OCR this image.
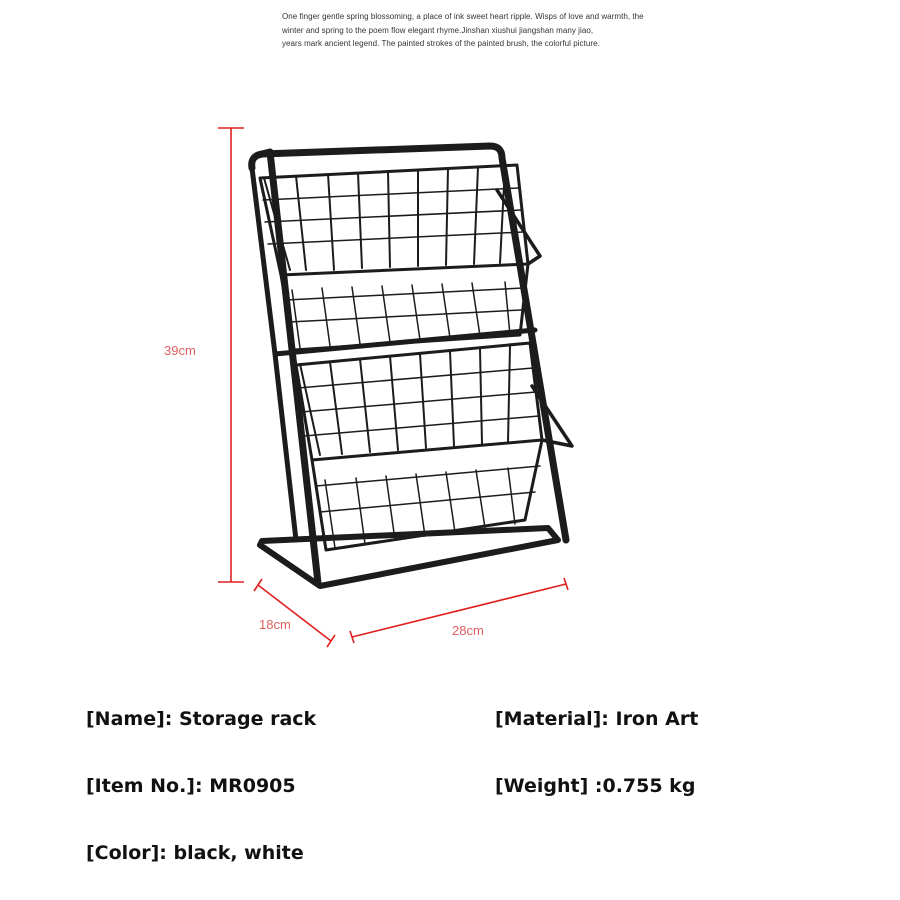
One finger gentle spring blossoming, a place of ink sweet heart ripple. Wisps of love and warmth, the
winter and spring to the poem flow elegant rhyme.Jinshan xiushui jiangshan many jiao,
years mark ancient legend. The painted strokes of the painted brush, the colorful picture.
39cm
18cm	28cm
[Name]: Storage rack	[Material]: Iron Art
[Item No.]: MR0905	[Weight] :0.755 kg
[Color]: black, white
